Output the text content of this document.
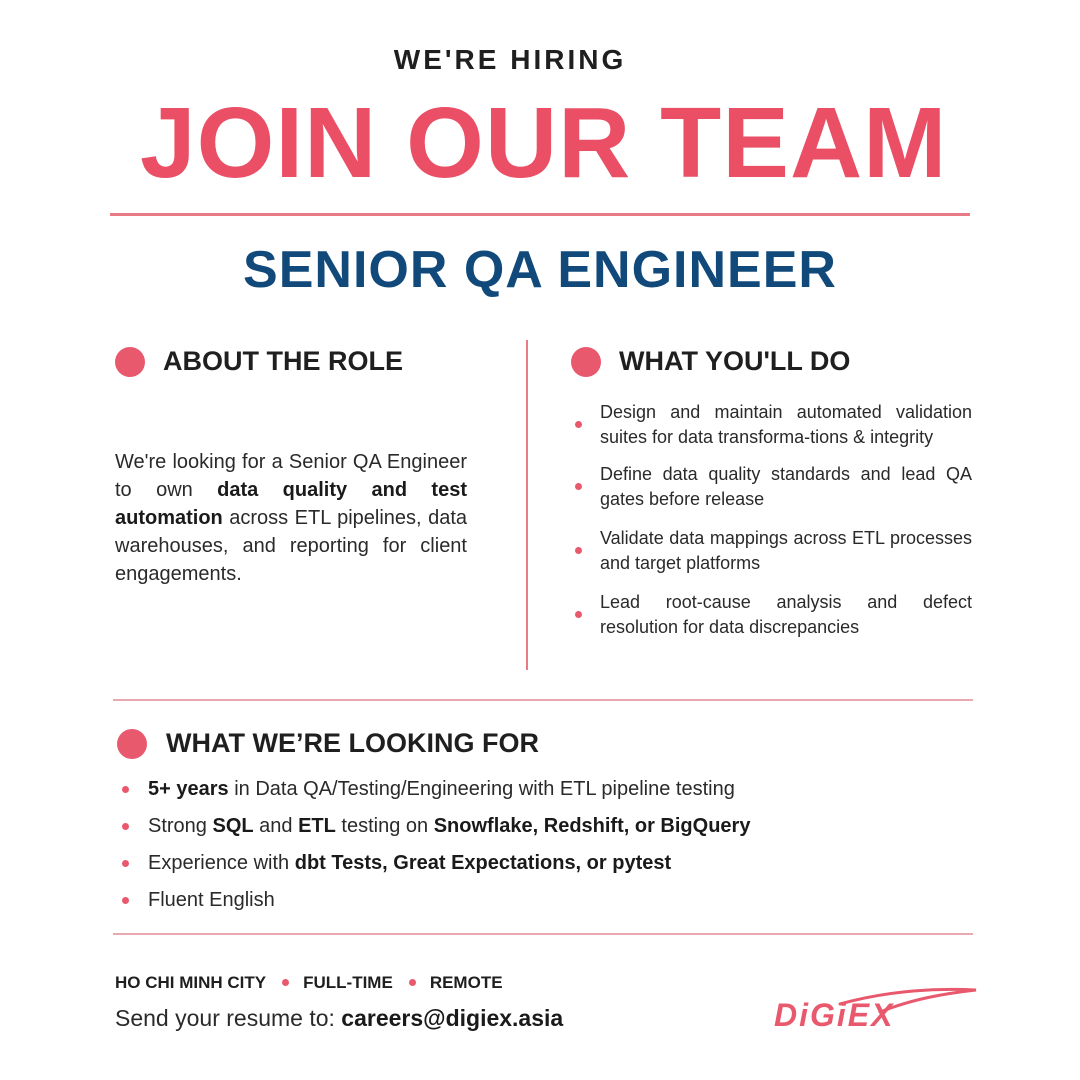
WE'RE HIRING
JOIN OUR TEAM
SENIOR QA ENGINEER
ABOUT THE ROLE
We're looking for a Senior QA Engineer to own data quality and test automation across ETL pipelines, data warehouses, and reporting for client engagements.
WHAT YOU'LL DO
Design and maintain automated validation suites for data transforma-tions & integrity
Define data quality standards and lead QA gates before release
Validate data mappings across ETL processes and target platforms
Lead root-cause analysis and defect resolution for data discrepancies
WHAT WE’RE LOOKING FOR
5+ years in Data QA/Testing/Engineering with ETL pipeline testing
Strong SQL and ETL testing on Snowflake, Redshift, or BigQuery
Experience with dbt Tests, Great Expectations, or pytest
Fluent English
HO CHI MINH CITY FULL-TIME REMOTE
Send your resume to: careers@digiex.asia	DiGiEX
